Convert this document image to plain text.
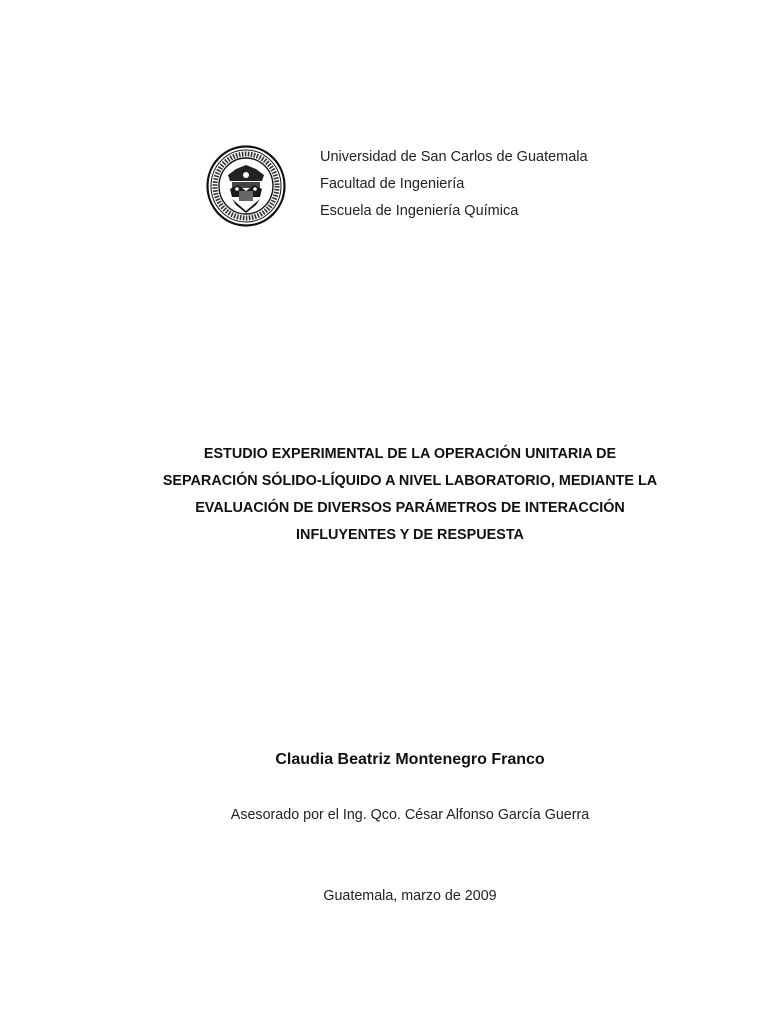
Universidad de San Carlos de Guatemala
Facultad de Ingeniería
Escuela de Ingeniería Química
ESTUDIO EXPERIMENTAL DE LA OPERACIÓN UNITARIA DE
SEPARACIÓN SÓLIDO-LÍQUIDO A NIVEL LABORATORIO, MEDIANTE LA
EVALUACIÓN DE DIVERSOS PARÁMETROS DE INTERACCIÓN
INFLUYENTES Y DE RESPUESTA
Claudia Beatriz Montenegro Franco
Asesorado por el Ing. Qco. César Alfonso García Guerra
Guatemala, marzo de 2009
